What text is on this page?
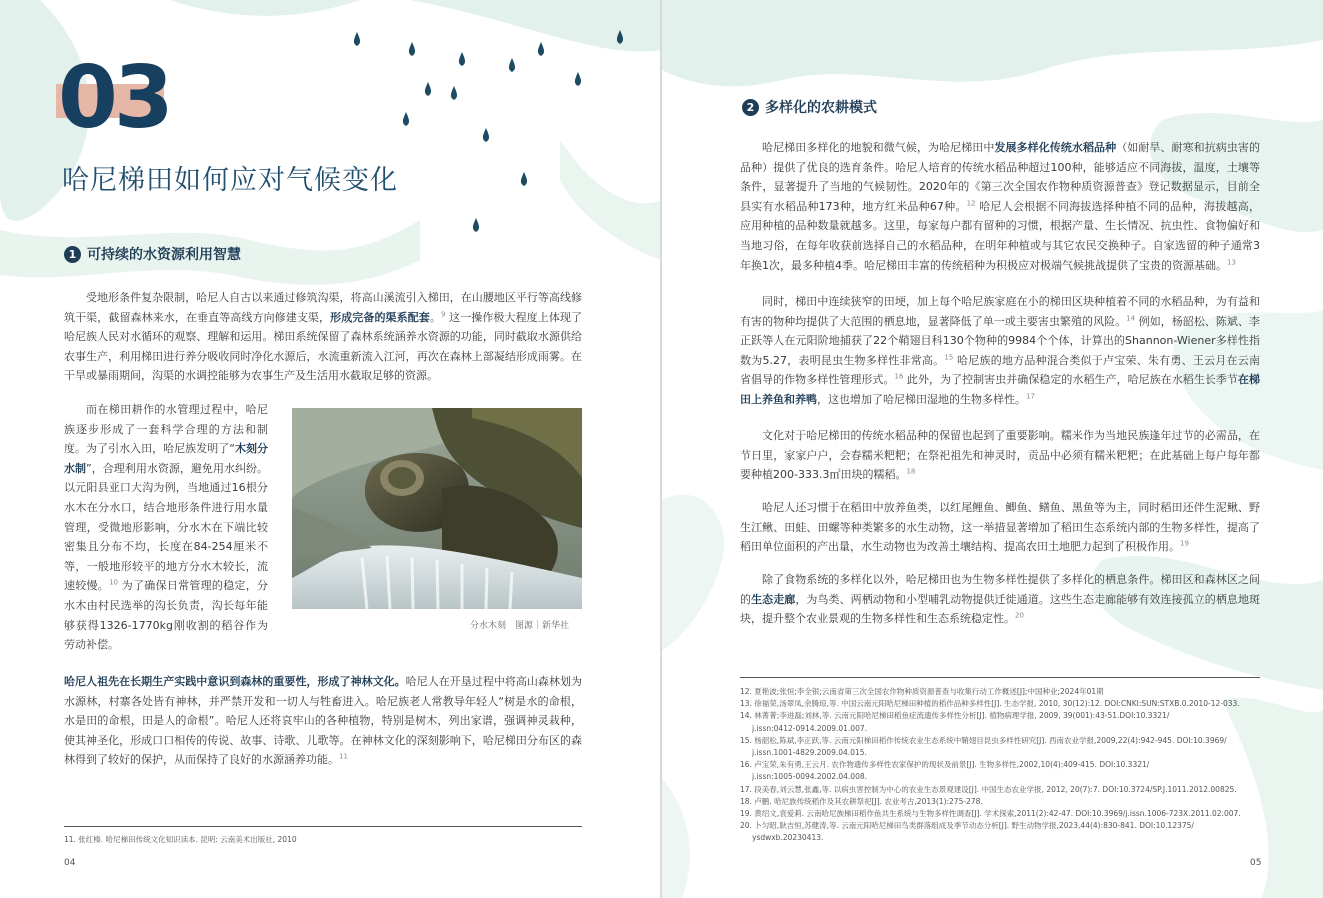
03
哈尼梯田如何应对气候变化
1 可持续的水资源利用智慧

受地形条件复杂限制，哈尼人自古以来通过修筑沟渠，将高山溪流引入梯田，在山腰地区平行等高线修筑干渠，截留森林来水，在垂直等高线方向修建支渠，形成完备的渠系配套。$^9$ 这一操作极大程度上体现了哈尼族人民对水循环的观察、理解和运用。梯田系统保留了森林系统涵养水资源的功能，同时截取水源供给农事生产，利用梯田进行养分吸收同时净化水源后，水流重新流入江河，再次在森林上部凝结形成雨雾。在干旱或暴雨期间，沟渠的水调控能够为农事生产及生活用水截取足够的资源。

而在梯田耕作的水管理过程中，哈尼族逐步形成了一套科学合理的方法和制度。为了引水入田，哈尼族发明了“木刻分水制”，合理利用水资源，避免用水纠纷。以元阳县亚口大沟为例，当地通过16根分水木在分水口，结合地形条件进行用水量管理，受微地形影响，分水木在下端比较密集且分布不均，长度在84-254厘米不等，一般地形较平的地方分水木较长，流速较慢。$^{10}$ 为了确保日常管理的稳定，分水木由村民选举的沟长负责，沟长每年能够获得1326-1770kg刚收割的稻谷作为劳动补偿。

分水木刻　图源｜新华社

哈尼人祖先在长期生产实践中意识到森林的重要性，形成了神林文化。哈尼人在开垦过程中将高山森林划为水源林，村寨各处皆有神林，并严禁开发和一切人与牲畜进入。哈尼族老人常教导年轻人“树是水的命根，水是田的命根，田是人的命根”。哈尼人还将哀牢山的各种植物，特别是树木，列出家谱，强调神灵栽种，使其神圣化，形成口口相传的传说、故事、诗歌、儿歌等。在神林文化的深刻影响下，哈尼梯田分布区的森林得到了较好的保护，从而保持了良好的水源涵养功能。$^{11}$

11. 张红榛. 哈尼梯田传统文化知识读本. 昆明: 云南美术出版社, 2010
04
2 多样化的农耕模式

哈尼梯田多样化的地貌和微气候，为哈尼梯田中发展多样化传统水稻品种（如耐旱、耐寒和抗病虫害的品种）提供了优良的选育条件。哈尼人培育的传统水稻品种超过100种，能够适应不同海拔，温度，土壤等条件，显著提升了当地的气候韧性。2020年的《第三次全国农作物种质资源普查》登记数据显示，目前全县实有水稻品种173种，地方红米品种67种。$^{12}$ 哈尼人会根据不同海拔选择种植不同的品种，海拔越高，应用种植的品种数量就越多。这里，每家每户都有留种的习惯，根据产量、生长情况、抗虫性、食物偏好和当地习俗，在每年收获前选择自己的水稻品种，在明年种植或与其它农民交换种子。自家选留的种子通常3年换1次，最多种植4季。哈尼梯田丰富的传统稻种为积极应对极端气候挑战提供了宝贵的资源基础。$^{13}$

同时，梯田中连续狭窄的田埂，加上每个哈尼族家庭在小的梯田区块种植着不同的水稻品种，为有益和有害的物种均提供了大范围的栖息地，显著降低了单一或主要害虫繁殖的风险。$^{14}$ 例如，杨韶松、陈斌、李正跃等人在元阳阶地捕获了22个鞘翅目科130个物种的9984个个体，计算出的Shannon-Wiener多样性指数为5.27，表明昆虫生物多样性非常高。$^{15}$ 哈尼族的地方品种混合类似于卢宝荣、朱有勇、王云月在云南省倡导的作物多样性管理形式。$^{16}$ 此外，为了控制害虫并确保稳定的水稻生产，哈尼族在水稻生长季节在梯田上养鱼和养鸭，这也增加了哈尼梯田湿地的生物多样性。$^{17}$

文化对于哈尼梯田的传统水稻品种的保留也起到了重要影响。糯米作为当地民族逢年过节的必需品，在节日里，家家户户，会春糯米粑粑；在祭祀祖先和神灵时，贡品中必须有糯米粑粑；在此基础上每户每年都要种植200-333.3㎡田块的糯稻。$^{18}$

哈尼人还习惯于在稻田中放养鱼类，以红尾鲤鱼、鲫鱼、鳝鱼、黑鱼等为主，同时稻田还伴生泥鳅、野生江鳅、田蛙、田螺等种类繁多的水生动物，这一举措显著增加了稻田生态系统内部的生物多样性，提高了稻田单位面积的产出量，水生动物也为改善土壤结构、提高农田土地肥力起到了积极作用。$^{19}$

除了食物系统的多样化以外，哈尼梯田也为生物多样性提供了多样化的栖息条件。梯田区和森林区之间的生态走廊，为鸟类、两栖动物和小型哺乳动物提供迁徙通道。这些生态走廊能够有效连接孤立的栖息地斑块，提升整个农业景观的生物多样性和生态系统稳定性。$^{20}$

12. 夏艳波;张恒;李全银;云南省第三次全国农作物种质资源普查与收集行动工作概述[J];中国种业;2024年01期
13. 徐福荣,汤翠凤,余腾琼,等. 中国云南元阳哈尼梯田种植的稻作品种多样性[J]. 生态学报, 2010, 30(12):12. DOI:CNKI:SUN:STXB.0.2010-12-033.
14. 林菁菁;李进磊;刘林,等. 云南元阳哈尼梯田稻鱼症流遗传多样性分析[J]. 植物病理学报, 2009, 39(001):43-51.DOI:10.3321/
j.issn:0412-0914.2009.01.007.
15. 杨韶松,陈斌,李正跃,等. 云南元阳梯田稻作传统农业生态系统中鞘翅目昆虫多样性研究[J]. 西南农业学报,2009,22(4):942-945. DOI:10.3969/
j.issn.1001-4829.2009.04.015.
16. 卢宝荣,朱有勇,王云月. 农作物遗传多样性农家保护的现状及前景[J]. 生物多样性,2002,10(4):409-415. DOI:10.3321/
j.issn:1005-0094.2002.04.008.
17. 段美春,刘云慧,张鑫,等. 以病虫害控制为中心的农业生态景观建设[J]. 中国生态农业学报, 2012, 20(7):7. DOI:10.3724/SP.J.1011.2012.00825.
18. 卢鹏. 哈尼族传统稻作及其农耕祭祀[J]. 农业考古,2013(1):275-278.
19. 黄绍文,袁爱莉. 云南哈尼族梯田稻作鱼共生系统与生物多样性调查[J]. 学术探索,2011(2):42-47. DOI:10.3969/j.issn.1006-723X.2011.02.007.
20. 卜匀昭,耿吉恒,苏健涛,等. 云南元阳哈尼梯田鸟类群落组成及季节动态分析[J]. 野生动物学报,2023,44(4):830-841. DOI:10.12375/
ysdwxb.20230413.
05
